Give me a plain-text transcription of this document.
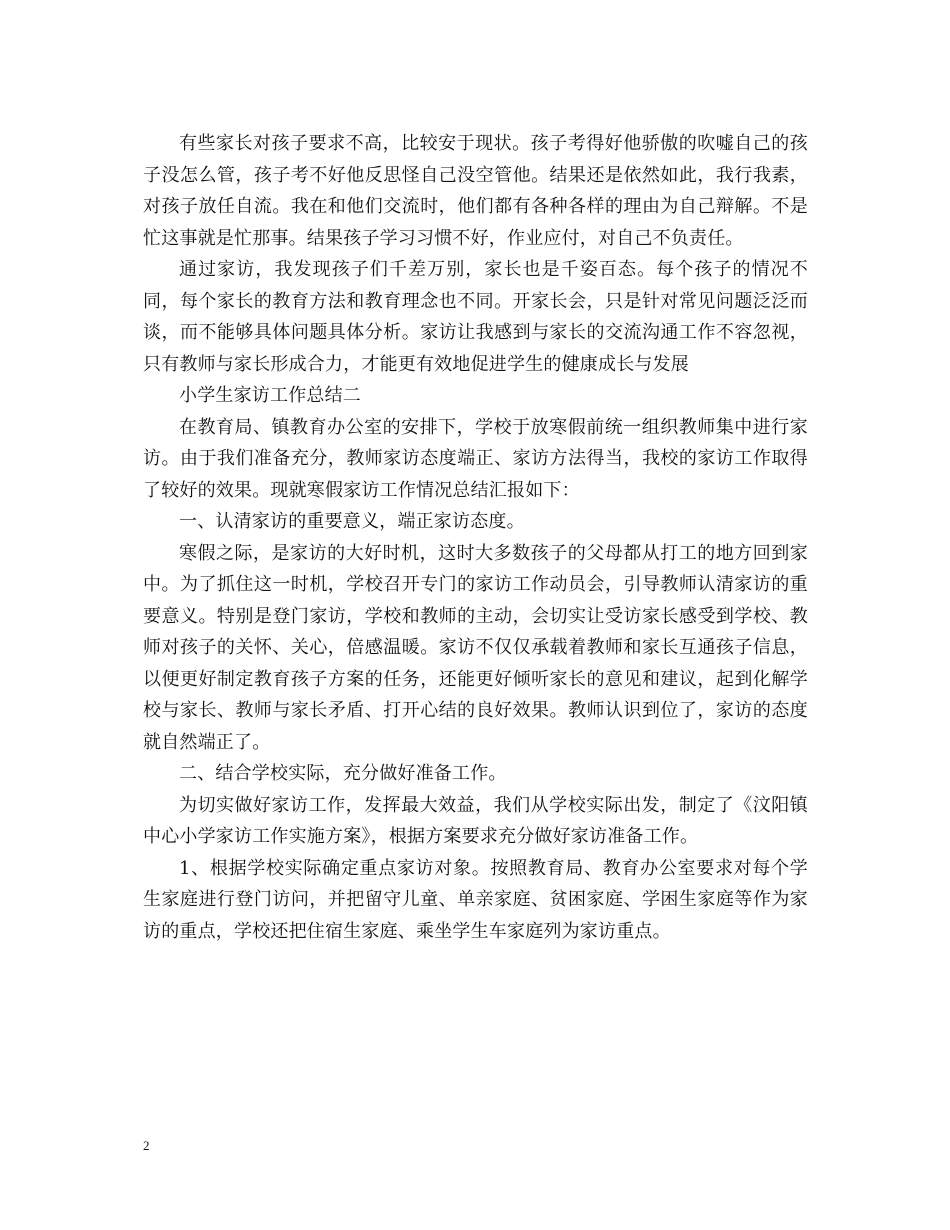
有些家长对孩子要求不高，比较安于现状。孩子考得好他骄傲的吹嘘自己的孩子没怎么管，孩子考不好他反思怪自己没空管他。结果还是依然如此，我行我素，对孩子放任自流。我在和他们交流时，他们都有各种各样的理由为自己辩解。不是忙这事就是忙那事。结果孩子学习习惯不好，作业应付，对自己不负责任。

通过家访，我发现孩子们千差万别，家长也是千姿百态。每个孩子的情况不同，每个家长的教育方法和教育理念也不同。开家长会，只是针对常见问题泛泛而谈，而不能够具体问题具体分析。家访让我感到与家长的交流沟通工作不容忽视，只有教师与家长形成合力，才能更有效地促进学生的健康成长与发展

小学生家访工作总结二

在教育局、镇教育办公室的安排下，学校于放寒假前统一组织教师集中进行家访。由于我们准备充分，教师家访态度端正、家访方法得当，我校的家访工作取得了较好的效果。现就寒假家访工作情况总结汇报如下：

一、认清家访的重要意义，端正家访态度。

寒假之际，是家访的大好时机，这时大多数孩子的父母都从打工的地方回到家中。为了抓住这一时机，学校召开专门的家访工作动员会，引导教师认清家访的重要意义。特别是登门家访，学校和教师的主动，会切实让受访家长感受到学校、教师对孩子的关怀、关心，倍感温暖。家访不仅仅承载着教师和家长互通孩子信息，以便更好制定教育孩子方案的任务，还能更好倾听家长的意见和建议，起到化解学校与家长、教师与家长矛盾、打开心结的良好效果。教师认识到位了，家访的态度就自然端正了。

二、结合学校实际，充分做好准备工作。

为切实做好家访工作，发挥最大效益，我们从学校实际出发，制定了《汶阳镇中心小学家访工作实施方案》，根据方案要求充分做好家访准备工作。

1、根据学校实际确定重点家访对象。按照教育局、教育办公室要求对每个学生家庭进行登门访问，并把留守儿童、单亲家庭、贫困家庭、学困生家庭等作为家访的重点，学校还把住宿生家庭、乘坐学生车家庭列为家访重点。

2
